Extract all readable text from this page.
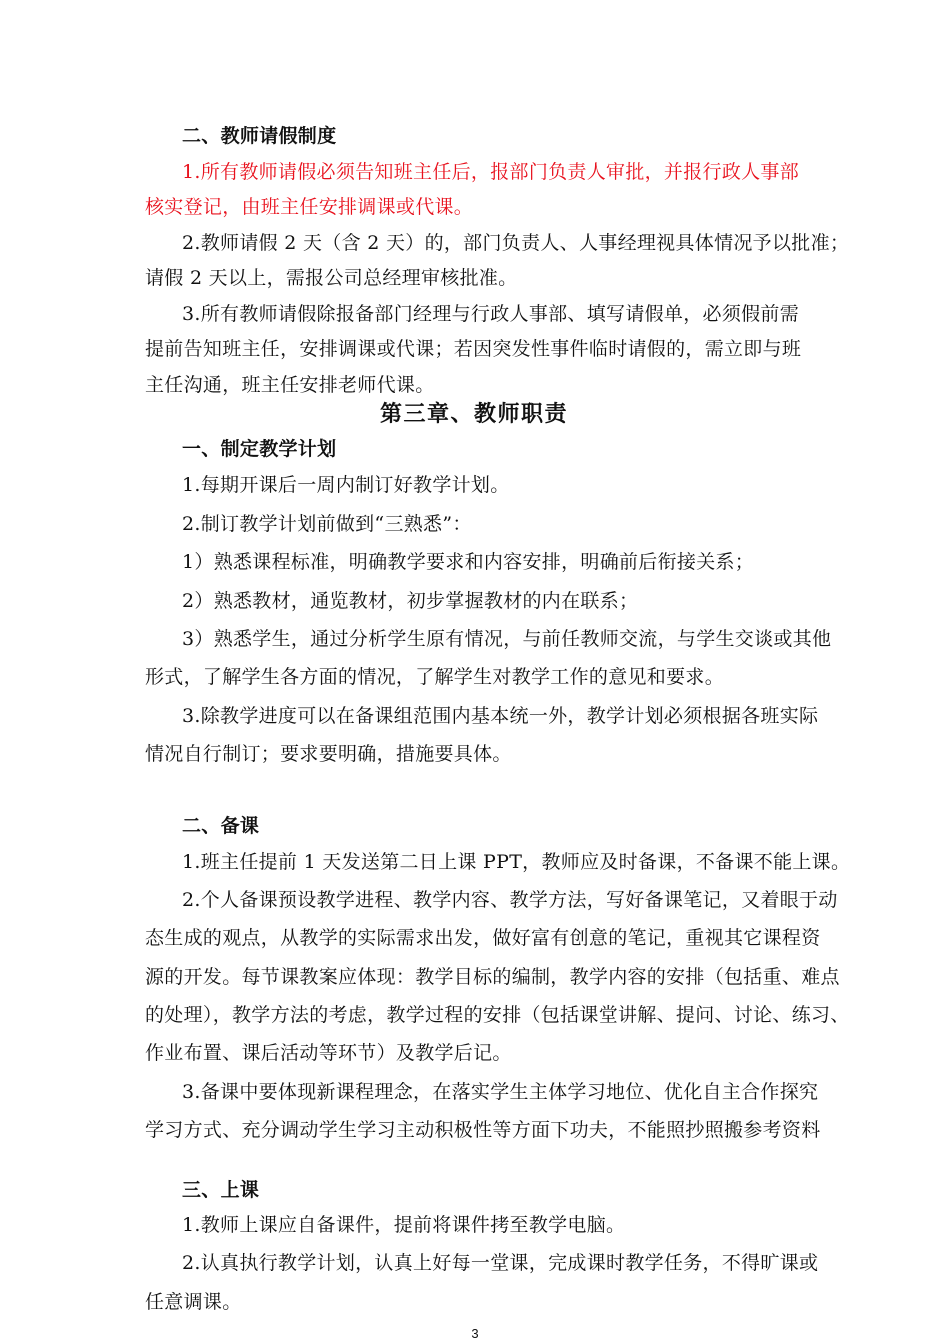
二、教师请假制度
1.所有教师请假必须告知班主任后，报部门负责人审批，并报行政人事部
核实登记，由班主任安排调课或代课。
2.教师请假 2 天（含 2 天）的，部门负责人、人事经理视具体情况予以批准；
请假 2 天以上，需报公司总经理审核批准。
3.所有教师请假除报备部门经理与行政人事部、填写请假单，必须假前需
提前告知班主任，安排调课或代课；若因突发性事件临时请假的，需立即与班
主任沟通，班主任安排老师代课。
第三章、教师职责
一、制定教学计划
1.每期开课后一周内制订好教学计划。
2.制订教学计划前做到“三熟悉”：
1）熟悉课程标准，明确教学要求和内容安排，明确前后衔接关系；
2）熟悉教材，通览教材，初步掌握教材的内在联系；
3）熟悉学生，通过分析学生原有情况，与前任教师交流，与学生交谈或其他
形式，了解学生各方面的情况，了解学生对教学工作的意见和要求。
3.除教学进度可以在备课组范围内基本统一外，教学计划必须根据各班实际
情况自行制订；要求要明确，措施要具体。
二、备课
1.班主任提前 1 天发送第二日上课 PPT，教师应及时备课，不备课不能上课。
2.个人备课预设教学进程、教学内容、教学方法，写好备课笔记，又着眼于动
态生成的观点，从教学的实际需求出发，做好富有创意的笔记，重视其它课程资
源的开发。每节课教案应体现：教学目标的编制，教学内容的安排（包括重、难点
的处理），教学方法的考虑，教学过程的安排（包括课堂讲解、提问、讨论、练习、
作业布置、课后活动等环节）及教学后记。
3.备课中要体现新课程理念，在落实学生主体学习地位、优化自主合作探究
学习方式、充分调动学生学习主动积极性等方面下功夫，不能照抄照搬参考资料
三、上课
1.教师上课应自备课件，提前将课件拷至教学电脑。
2.认真执行教学计划，认真上好每一堂课，完成课时教学任务，不得旷课或
任意调课。
3
